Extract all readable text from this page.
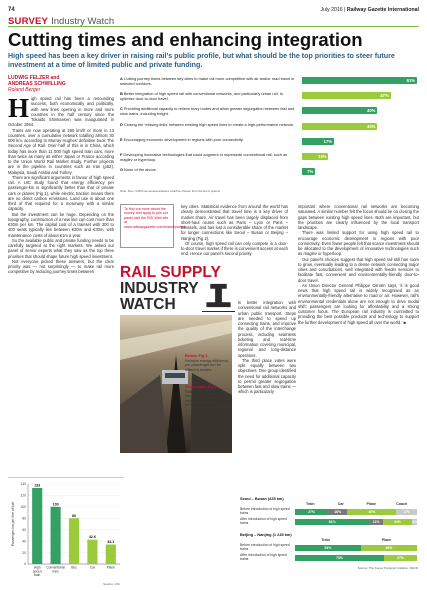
74	July 2016 | Railway Gazette International
SURVEY Industry Watch
Cutting times and enhancing integration
High speed has been a key driver in raising rail’s public profile, but what should be the top priorities to steer future investment at a time of limited public and private funding.
LUDWIG FELZER and ANDREAS SCHWILLING
Roland Berger
H igh speed rail has been a resounding success, both economically and politically, with new lines opening in more and more countries in the half century since the Tokaido Shinkansen was inaugurated in October 1964.

Trains are now operating at 250 km/h or more in 13 countries, over a cumulative network totalling almost 30 000 km, according to Murray Hughes’ definitive book The Second Age of Rail. Over half of this is in China, which today has more than 11 000 high speed train cars, more than twice as many as either Japan or France according to the Union World Rail Market Study. Further projects are in the pipeline in countries such as Iran (p52), Malaysia, Saudi Arabia and Turkey.

There are significant arguments in favour of high speed rail. A UIC study found that energy efficiency per passenger-km is significantly better than that of private cars or planes (Fig 1), while electric traction means there are no direct carbon emissions. Land use is about one third of that required for a motorway with a similar capacity.

But the investment can be huge. Depending on the topography, construction of a new line can cost more than €30m per km. The capital cost of a trainset with 300 to 400 seats typically lies between €20m and €30m, with maintenance costs of about €1m a year.

So the available public and private funding needs to be carefully targeted at the right markets. We asked our panel of senior experts what they saw as the top three priorities that should shape future high speed investment.

Not everyone picked these answers, but the clear priority was — not surprisingly — to make rail more competitive by reducing journey times between

ACutting journey times between key cities to make rail more competitive with air and/or road travel in selected corridors.
61%
BBetter integration of high speed rail with conventional networks, and particularly urban rail, to optimise door-to-door travel.
47%
CProviding additional capacity to relieve busy routes and allow greater segregation between fast and slow trains, including freight.
40%
DClosing the ‘missing links’ between existing high speed lines to create a high-performance network.	40%
EEncouraging economic development in regions with poor connectivity.	17%
FDeveloping innovative technologies that could augment or supersede conventional rail, such as maglev or hyperloop.
14%
GNone of the above.	7%
Note: Sum >100% as several answers could be chosen from the list of options
To find out more about the survey and apply to join our panel visit the RGI Web site at www.railwaygazette.com/industrywatch

key cities. Statistical evidence from around the world has clearly demonstrated that travel time is a key driver of market share. Air travel has been largely displaced from short-haul routes such as Paris – Lyon or Paris – Brussels, and has lost a considerable share of the market for longer connections like Seoul – Busan or Beijing – Nanjing (Fig 2).

Of course, high speed rail can only compete in a door-to-door travel market if there is convenient access at each end. Hence our panel’s second priority

RAIL SUPPLY
INDUSTRY WATCH
Below: Fig 1.
Relative energy efficiency per passenger-km for different modes.
Below right: Fig 2.
Rail’s market share has increased on selected routes following the opening of high speed lines.

is better integration with conventional rail networks and urban public transport. Steps are needed to speed up connecting trains, and improve the quality of the interchange process, including seamless ticketing and real-time information covering municipal, regional and long-distance operators.

The third place votes were split equally between two objectives. One group identified the need for additional capacity to permit greater segregation between fast and slow trains — which is particularly

important where conventional rail networks are becoming saturated. A similar number felt the focus should be on closing the gaps between existing high speed lines. Both are important, but the priorities are clearly influenced by the local transport landscape.

There was limited support for using high speed rail to encourage economic development in regions with poor connectivity. Even fewer people felt that scarce investment should be allocated to the development of innovative technologies such as maglev or hyperloop.

Our panel’s choices suggest that high speed rail still has room to grow, eventually leading to a dense network connecting major cities and conurbations, well integrated with feeder services to facilitate fast, convenient and environmentally-friendly door-to-door travel.

As Union Director General Philippe Citroën says, ‘it is good news that high speed rail is widely recognised as an environmentally-friendly alternative to road or air. However, rail’s environmental credentials alone are not enough to drive modal shift; passengers are looking for affordability and a strong customer focus. The European rail industry is committed to providing the best possible products and technology to support the further development of high speed all over the world.’ ■

0
20
40
60
80
100
120
140
Passenger-km per litre of fuel
133
High
speed
train
100
Conventional
train
80
Bus
42.6
Car
34.1
Plane
Source: UIC
Seoul – Busan (425 km)
Train	Car	Plane	Coach
Before introduction of high speed trains	27%	16%	40%	17%
After introduction of high speed trains	61%	11%	24%	4%
Beijing – Nanjing (1 245 km)
Train	Plane
Before introduction of high speed trains	54%	46%
After introduction of high speed trains	73%	27%
Source: The Korea Transport Institute, OECD
